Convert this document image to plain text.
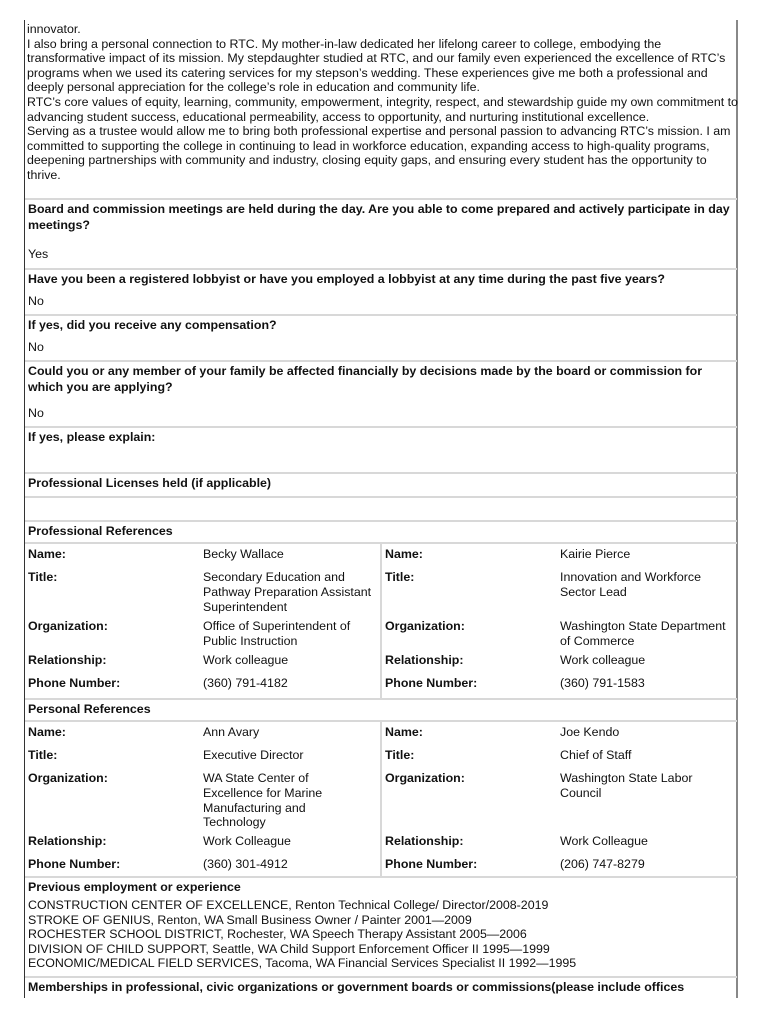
innovator.

I also bring a personal connection to RTC. My mother-in-law dedicated her lifelong career to college, embodying the transformative impact of its mission. My stepdaughter studied at RTC, and our family even experienced the excellence of RTC’s programs when we used its catering services for my stepson’s wedding. These experiences give me both a professional and deeply personal appreciation for the college’s role in education and community life.

RTC’s core values of equity, learning, community, empowerment, integrity, respect, and stewardship guide my own commitment to advancing student success, educational permeability, access to opportunity, and nurturing institutional excellence.

Serving as a trustee would allow me to bring both professional expertise and personal passion to advancing RTC’s mission. I am committed to supporting the college in continuing to lead in workforce education, expanding access to high-quality programs, deepening partnerships with community and industry, closing equity gaps, and ensuring every student has the opportunity to thrive.

Board and commission meetings are held during the day. Are you able to come prepared and actively participate in day meetings?
Yes
Have you been a registered lobbyist or have you employed a lobbyist at any time during the past five years?
No
If yes, did you receive any compensation?
No
Could you or any member of your family be affected financially by decisions made by the board or commission for which you are applying?
No
If yes, please explain:
Professional Licenses held (if applicable)
Professional References
Name:	Becky Wallace
Title:	Secondary Education and Pathway Preparation Assistant Superintendent
Organization:	Office of Superintendent of Public Instruction
Relationship:	Work colleague
Phone Number:	(360) 791-4182
Name:	Kairie Pierce
Title:	Innovation and Workforce Sector Lead
Organization:	Washington State Department of Commerce
Relationship:	Work colleague
Phone Number:	(360) 791-1583
Personal References
Name:	Ann Avary
Title:	Executive Director
Organization:	WA State Center of Excellence for Marine Manufacturing and Technology
Relationship:	Work Colleague
Phone Number:	(360) 301-4912
Name:	Joe Kendo
Title:	Chief of Staff
Organization:	Washington State Labor Council
Relationship:	Work Colleague
Phone Number:	(206) 747-8279
Previous employment or experience
CONSTRUCTION CENTER OF EXCELLENCE, Renton Technical College/ Director/2008-2019
STROKE OF GENIUS, Renton, WA Small Business Owner / Painter 2001—2009
ROCHESTER SCHOOL DISTRICT, Rochester, WA Speech Therapy Assistant 2005—2006
DIVISION OF CHILD SUPPORT, Seattle, WA Child Support Enforcement Officer II 1995—1999
ECONOMIC/MEDICAL FIELD SERVICES, Tacoma, WA Financial Services Specialist II 1992—1995
Memberships in professional, civic organizations or government boards or commissions(please include offices
